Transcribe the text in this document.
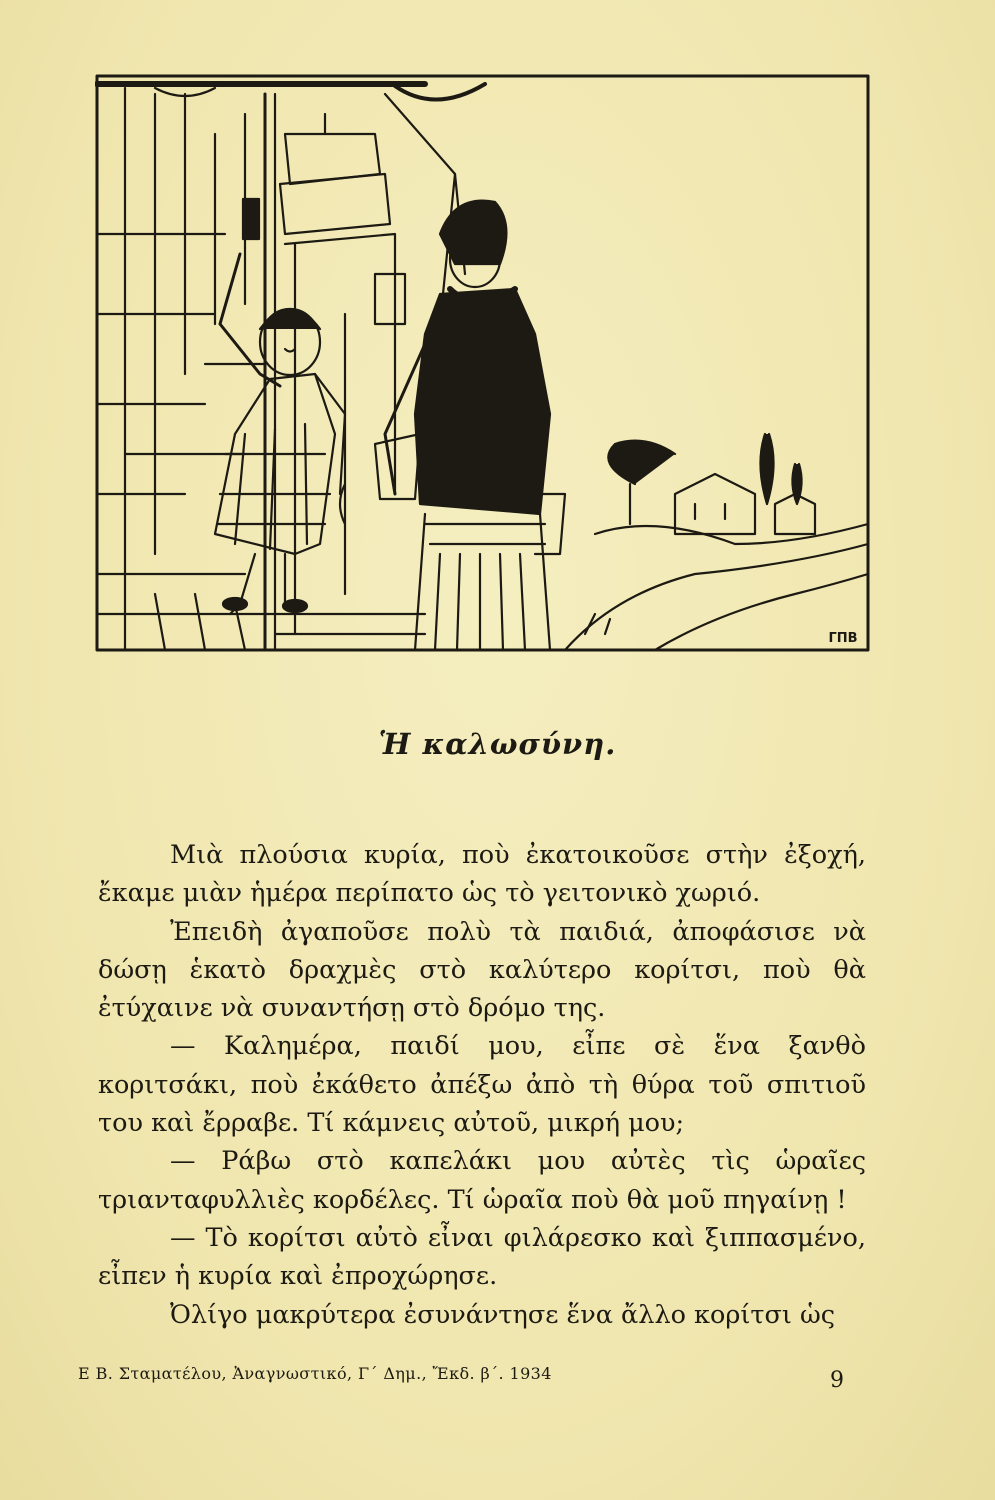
ΓΠΒ
Ἡ καλωσύνη.

Μιὰ πλούσια κυρία, ποὺ ἐκατοικοῦσε στὴν ἐξοχή, ἔκαμε μιὰν ἡμέρα περίπατο ὡς τὸ γειτονικὸ χωριό.

Ἐπειδὴ ἀγαποῦσε πολὺ τὰ παιδιά, ἀποφάσισε νὰ δώσῃ ἑκατὸ δραχμὲς στὸ καλύτερο κορίτσι, ποὺ θὰ ἐτύχαινε νὰ συναντήσῃ στὸ δρόμο της.

— Καλημέρα, παιδί μου, εἶπε σὲ ἕνα ξανθὸ κοριτσάκι, ποὺ ἐκάθετο ἀπέξω ἀπὸ τὴ θύρα τοῦ σπιτιοῦ του καὶ ἔρραβε. Τί κάμνεις αὐτοῦ, μικρή μου;

— Ράβω στὸ καπελάκι μου αὐτὲς τὶς ὡραῖες τριανταφυλλιὲς κορδέλες. Τί ὡραῖα ποὺ θὰ μοῦ πηγαίνῃ !

— Τὸ κορίτσι αὐτὸ εἶναι φιλάρεσκο καὶ ξιππασμένο, εἶπεν ἡ κυρία καὶ ἐπροχώρησε.

Ὀλίγο μακρύτερα ἐσυνάντησε ἕνα ἄλλο κορίτσι ὡς

Ε Β. Σταματέλου, Ἀναγνωστικό, Γ΄ Δημ., Ἔκδ. β΄. 1934	9
